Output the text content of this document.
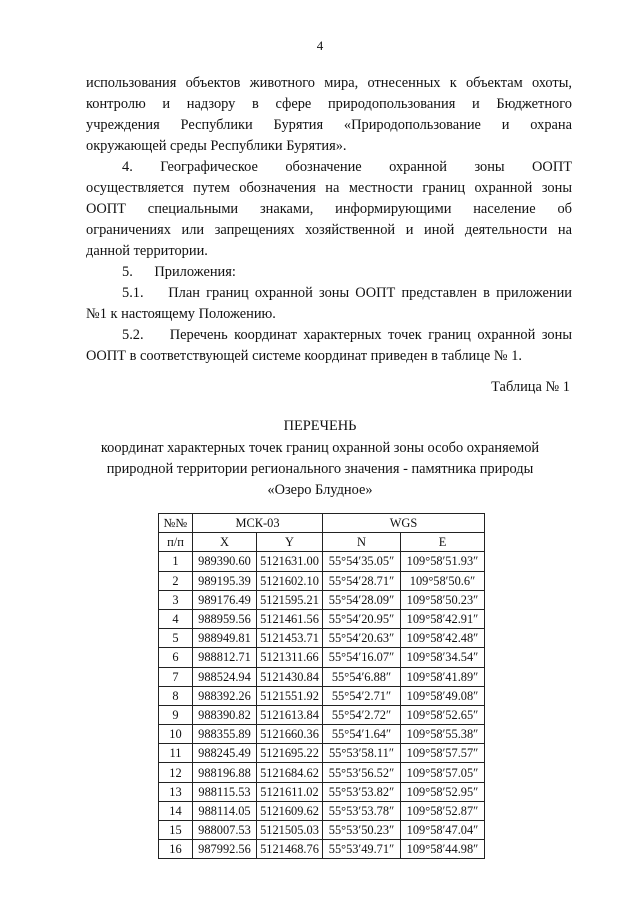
4
использования объектов животного мира, отнесенных к объектам охоты,
контролю и надзору в сфере природопользования и Бюджетного
учреждения Республики Бурятия «Природопользование и охрана
окружающей среды Республики Бурятия».
4. Географическое обозначение охранной зоны ООПТ
осуществляется путем обозначения на местности границ охранной зоны
ООПТ специальными знаками, информирующими население об
ограничениях или запрещениях хозяйственной и иной деятельности на
данной территории.
5.      Приложения:
5.1.    План границ охранной зоны ООПТ представлен в приложении
№1 к настоящему Положению.
5.2.    Перечень координат характерных точек границ охранной зоны
ООПТ в соответствующей системе координат приведен в таблице № 1.
Таблица № 1
ПЕРЕЧЕНЬ
координат характерных точек границ охранной зоны особо охраняемой
природной территории регионального значения - памятника природы
«Озеро Блудное»
№№	МСК-03		WGS	
п/п	X	Y	N	E
1	989390.60	5121631.00	55°54′35.05″	109°58′51.93″
2	989195.39	5121602.10	55°54′28.71″	109°58′50.6″
3	989176.49	5121595.21	55°54′28.09″	109°58′50.23″
4	988959.56	5121461.56	55°54′20.95″	109°58′42.91″
5	988949.81	5121453.71	55°54′20.63″	109°58′42.48″
6	988812.71	5121311.66	55°54′16.07″	109°58′34.54″
7	988524.94	5121430.84	55°54′6.88″	109°58′41.89″
8	988392.26	5121551.92	55°54′2.71″	109°58′49.08″
9	988390.82	5121613.84	55°54′2.72″	109°58′52.65″
10	988355.89	5121660.36	55°54′1.64″	109°58′55.38″
11	988245.49	5121695.22	55°53′58.11″	109°58′57.57″
12	988196.88	5121684.62	55°53′56.52″	109°58′57.05″
13	988115.53	5121611.02	55°53′53.82″	109°58′52.95″
14	988114.05	5121609.62	55°53′53.78″	109°58′52.87″
15	988007.53	5121505.03	55°53′50.23″	109°58′47.04″
16	987992.56	5121468.76	55°53′49.71″	109°58′44.98″
